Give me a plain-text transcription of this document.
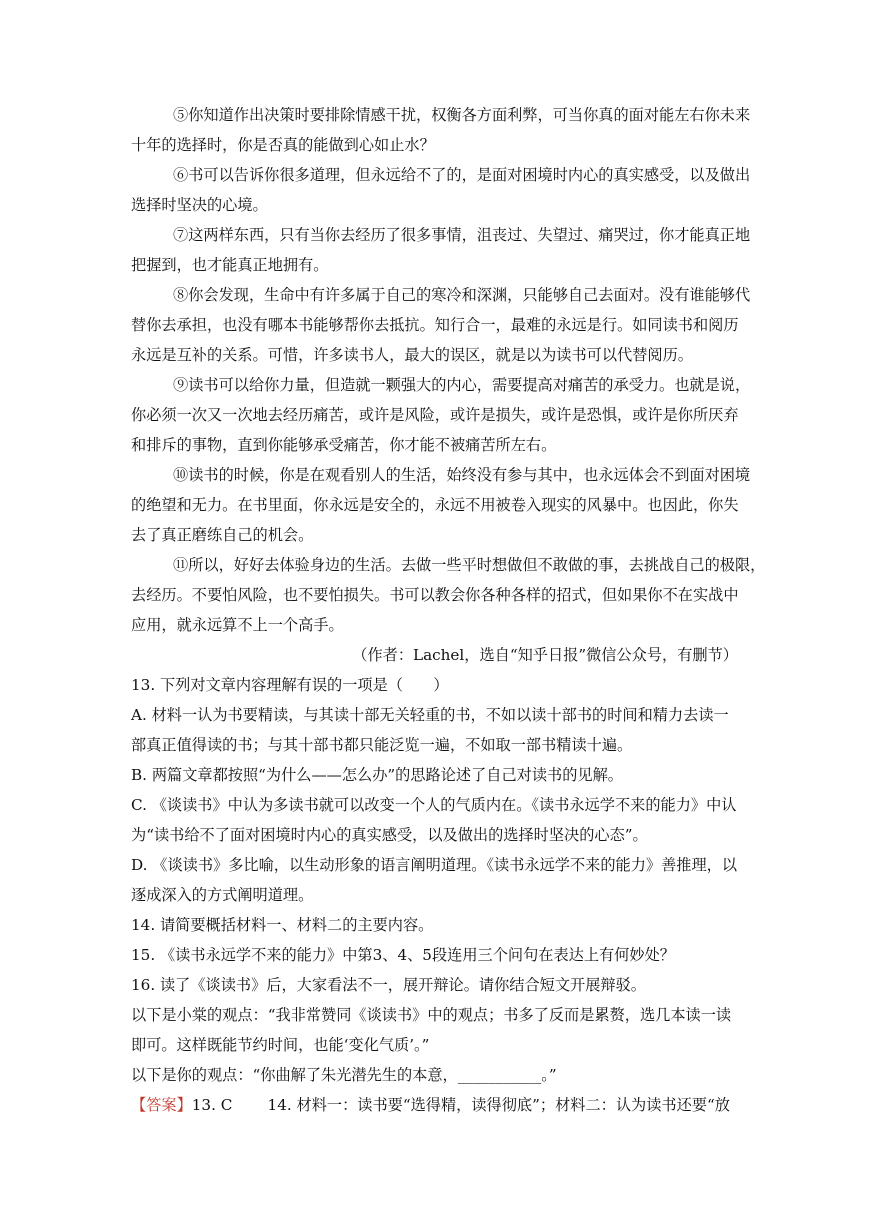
⑤你知道作出决策时要排除情感干扰，权衡各方面利弊，可当你真的面对能左右你未来
十年的选择时，你是否真的能做到心如止水？
⑥书可以告诉你很多道理，但永远给不了的，是面对困境时内心的真实感受，以及做出
选择时坚决的心境。
⑦这两样东西，只有当你去经历了很多事情，沮丧过、失望过、痛哭过，你才能真正地
把握到，也才能真正地拥有。
⑧你会发现，生命中有许多属于自己的寒冷和深渊，只能够自己去面对。没有谁能够代
替你去承担，也没有哪本书能够帮你去抵抗。知行合一，最难的永远是行。如同读书和阅历
永远是互补的关系。可惜，许多读书人，最大的误区，就是以为读书可以代替阅历。
⑨读书可以给你力量，但造就一颗强大的内心，需要提高对痛苦的承受力。也就是说，
你必须一次又一次地去经历痛苦，或许是风险，或许是损失，或许是恐惧，或许是你所厌弃
和排斥的事物，直到你能够承受痛苦，你才能不被痛苦所左右。
⑩读书的时候，你是在观看别人的生活，始终没有参与其中，也永远体会不到面对困境
的绝望和无力。在书里面，你永远是安全的，永远不用被卷入现实的风暴中。也因此，你失
去了真正磨练自己的机会。
⑪所以，好好去体验身边的生活。去做一些平时想做但不敢做的事，去挑战自己的极限，
去经历。不要怕风险，也不要怕损失。书可以教会你各种各样的招式，但如果你不在实战中
应用，就永远算不上一个高手。
（作者：Lachel，选自“知乎日报”微信公众号，有删节）
13. 下列对文章内容理解有误的一项是（　　）
A. 材料一认为书要精读，与其读十部无关轻重的书，不如以读十部书的时间和精力去读一
部真正值得读的书；与其十部书都只能泛览一遍，不如取一部书精读十遍。
B. 两篇文章都按照“为什么——怎么办”的思路论述了自己对读书的见解。
C. 《谈读书》中认为多读书就可以改变一个人的气质内在。《读书永远学不来的能力》中认
为“读书给不了面对困境时内心的真实感受，以及做出的选择时坚决的心态”。
D. 《谈读书》多比喻，以生动形象的语言阐明道理。《读书永远学不来的能力》善推理，以
逐成深入的方式阐明道理。
14. 请简要概括材料一、材料二的主要内容。
15. 《读书永远学不来的能力》中第3、4、5段连用三个问句在表达上有何妙处？
16. 读了《谈读书》后，大家看法不一，展开辩论。请你结合短文开展辩驳。
以下是小棠的观点：“我非常赞同《谈读书》中的观点；书多了反而是累赘，选几本读一读
即可。这样既能节约时间，也能‘变化气质’。”
以下是你的观点：“你曲解了朱光潜先生的本意，___________。”
【答案】13. C　　 14. 材料一：读书要“选得精，读得彻底”；材料二：认为读书还要“放
